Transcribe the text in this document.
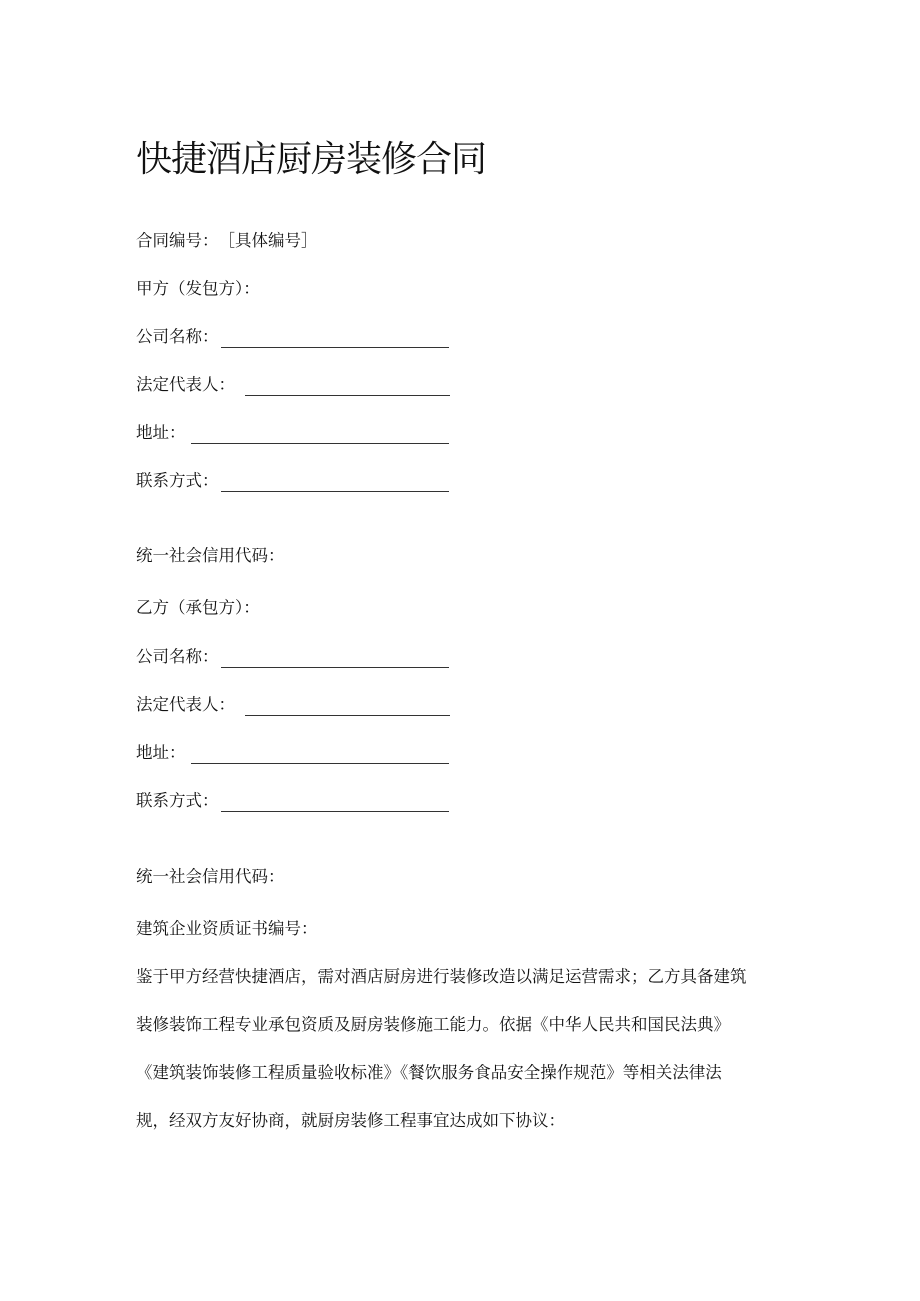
快捷酒店厨房装修合同
合同编号： ［具体编号］
甲方（发包方）：
公司名称：
法定代表人：
地址：
联系方式：
统一社会信用代码：
乙方（承包方）：
公司名称：
法定代表人：
地址：
联系方式：
统一社会信用代码：
建筑企业资质证书编号：
鉴于甲方经营快捷酒店，需对酒店厨房进行装修改造以满足运营需求；乙方具备建筑
装修装饰工程专业承包资质及厨房装修施工能力。依据《中华人民共和国民法典》
《建筑装饰装修工程质量验收标准》《餐饮服务食品安全操作规范》等相关法律法
规，经双方友好协商，就厨房装修工程事宜达成如下协议：
